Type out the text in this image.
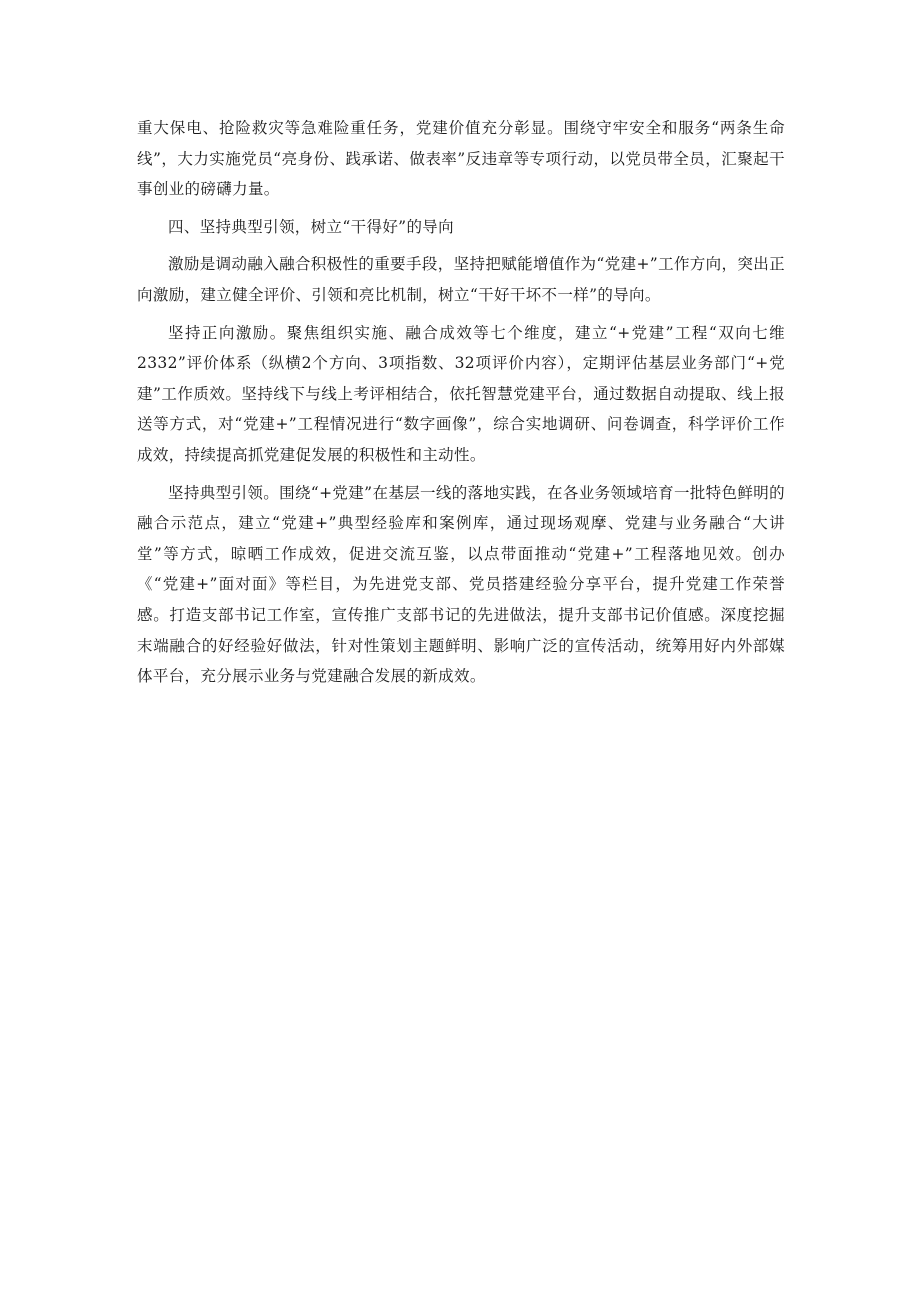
重大保电、抢险救灾等急难险重任务，党建价值充分彰显。围绕守牢安全和服务“两条生命线”，大力实施党员“亮身份、践承诺、做表率”反违章等专项行动，以党员带全员，汇聚起干事创业的磅礴力量。

四、坚持典型引领，树立“干得好”的导向

激励是调动融入融合积极性的重要手段，坚持把赋能增值作为“党建+”工作方向，突出正向激励，建立健全评价、引领和亮比机制，树立“干好干坏不一样”的导向。

坚持正向激励。聚焦组织实施、融合成效等七个维度，建立“+党建”工程“双向七维2332”评价体系（纵横2个方向、3项指数、32项评价内容），定期评估基层业务部门“+党建”工作质效。坚持线下与线上考评相结合，依托智慧党建平台，通过数据自动提取、线上报送等方式，对“党建+”工程情况进行“数字画像”，综合实地调研、问卷调查，科学评价工作成效，持续提高抓党建促发展的积极性和主动性。

坚持典型引领。围绕“+党建”在基层一线的落地实践，在各业务领域培育一批特色鲜明的融合示范点，建立“党建+”典型经验库和案例库，通过现场观摩、党建与业务融合“大讲堂”等方式，晾晒工作成效，促进交流互鉴，以点带面推动“党建+”工程落地见效。创办《“党建+”面对面》等栏目，为先进党支部、党员搭建经验分享平台，提升党建工作荣誉感。打造支部书记工作室，宣传推广支部书记的先进做法，提升支部书记价值感。深度挖掘末端融合的好经验好做法，针对性策划主题鲜明、影响广泛的宣传活动，统筹用好内外部媒体平台，充分展示业务与党建融合发展的新成效。
